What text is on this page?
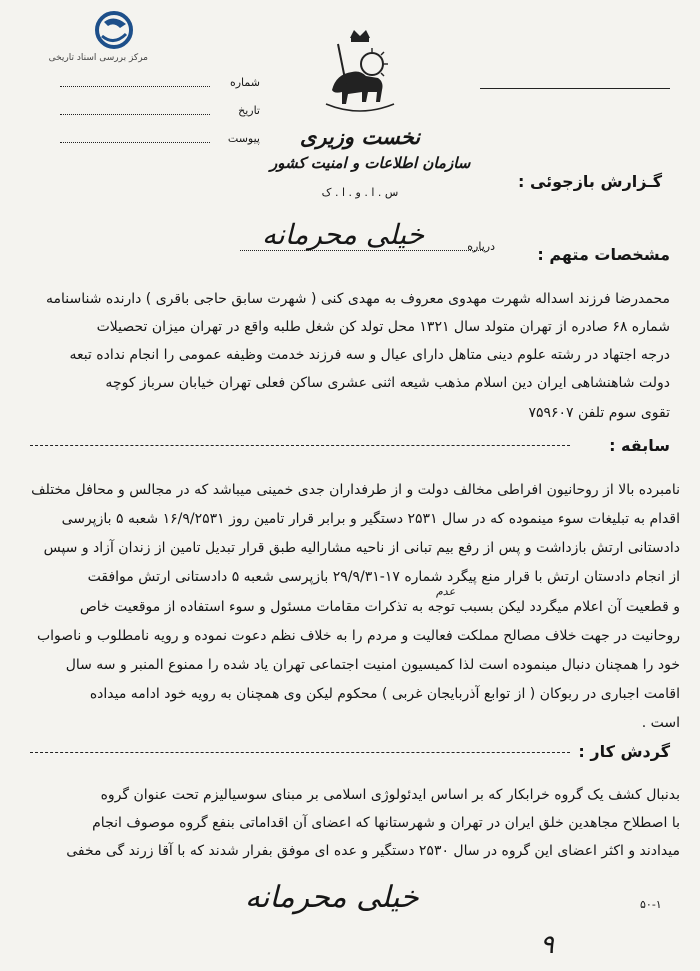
مرکز بررسی اسناد تاریخی
شماره
تاریخ
پیوست	نخست وزیری
سازمان اطلاعات و امنیت کشور
س . ا . و . ا . ک
گـزارش بازجوئی :
درباره
خیلی محرمانه
مشخصات متهم :
محمدرضا فرزند اسداله شهرت مهدوی معروف به مهدی کنی ( شهرت سابق حاجی باقری ) دارنده شناسنامه
شماره ۶۸ صادره از تهران متولد سال ۱۳۲۱ محل تولد کن شغل طلبه واقع در تهران میزان تحصیلات
درجه اجتهاد در رشته علوم دینی متاهل دارای عیال و سه فرزند خدمت وظیفه عمومی را انجام نداده تبعه
دولت شاهنشاهی ایران دین اسلام مذهب شیعه اثنی عشری ساکن فعلی تهران خیابان سرباز کوچه
تقوی سوم تلفن ۷۵۹۶۰۷
سابقه :
نامبرده بالا از روحانیون افراطی مخالف دولت و از طرفداران جدی خمینی میباشد که در مجالس و محافل مختلف
اقدام به تبلیغات سوء مینموده که در سال ۲۵۳۱ دستگیر و برابر قرار تامین روز ۱۶/۹/۲۵۳۱ شعبه ۵ بازپرسی
دادستانی ارتش بازداشت و پس از رفع بیم تبانی از ناحیه مشارالیه طبق قرار تبدیل تامین از زندان آزاد و سپس
از انجام دادستان ارتش با قرار منع پیگرد شماره ۱۷-۲۹/۹/۳۱ بازپرسی شعبه ۵ دادستانی ارتش موافقت
عدم
و قطعیت آن اعلام میگردد لیکن بسبب توجه به تذکرات مقامات مسئول و سوء استفاده از موقعیت خاص
روحانیت در جهت خلاف مصالح مملکت فعالیت و مردم را به خلاف نظم دعوت نموده و رویه نامطلوب و ناصواب
خود را همچنان دنبال مینموده است لذا کمیسیون امنیت اجتماعی تهران یاد شده را ممنوع المنبر و سه سال
اقامت اجباری در ربوکان ( از توابع آذربایجان غربی ) محکوم لیکن وی همچنان به رویه خود ادامه میداده
است .
گردش کار :
بدنبال کشف یک گروه خرابکار که بر اساس ایدئولوژی اسلامی بر مبنای سوسیالیزم تحت عنوان گروه
با اصطلاح مجاهدین خلق ایران در تهران و شهرستانها که اعضای آن اقداماتی بنفع گروه موصوف انجام
میدادند و اکثر اعضای این گروه در سال ۲۵۳۰ دستگیر و عده ای موفق بفرار شدند که با آقا زرند گی مخفی
خیلی محرمانه	۵۰-۱
۹
